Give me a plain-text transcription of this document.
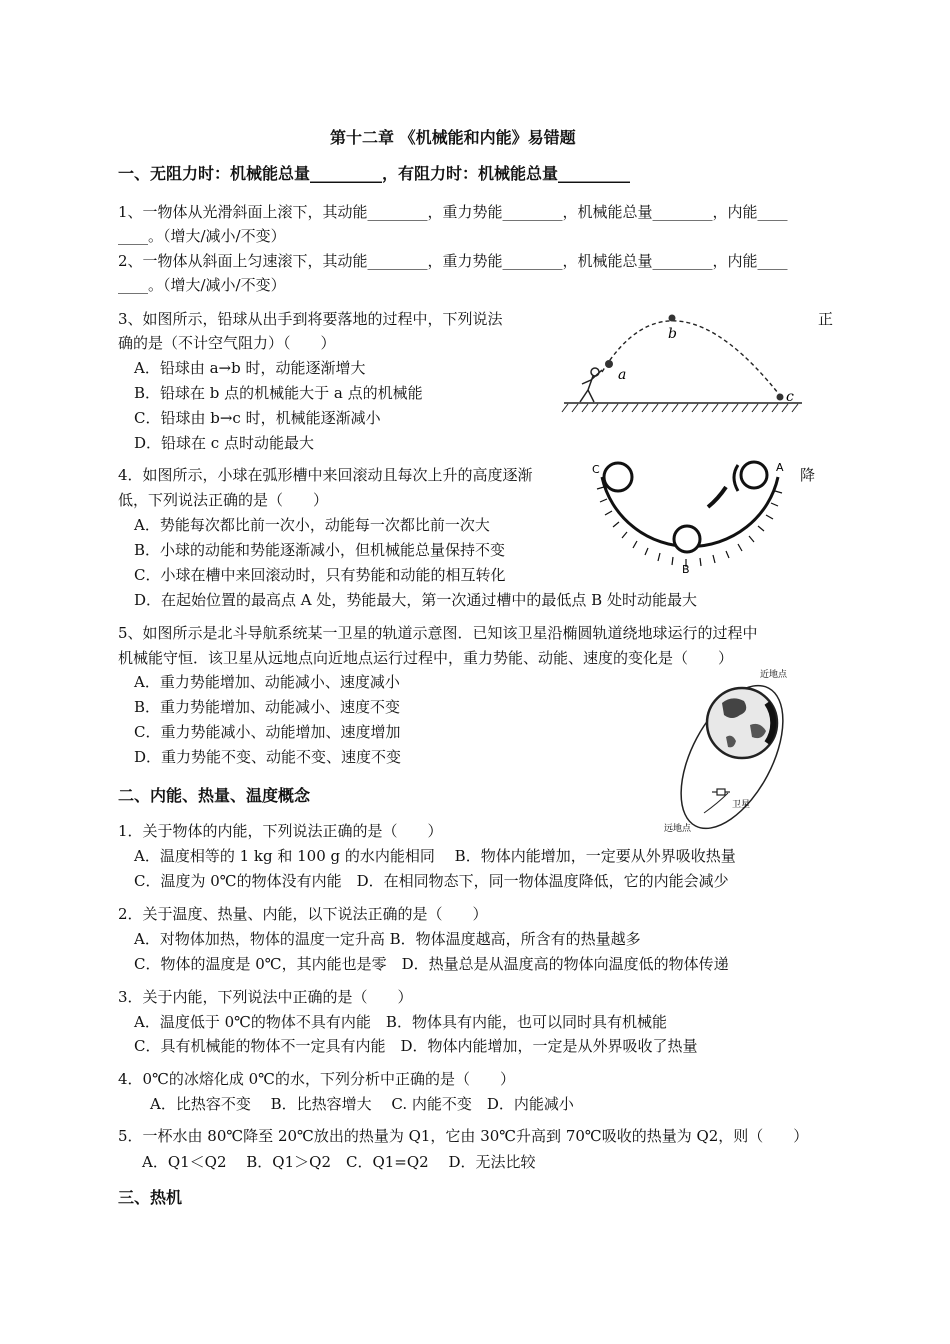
第十二章 《机械能和内能》易错题
一、无阻力时：机械能总量_________，有阻力时：机械能总量_________
1、一物体从光滑斜面上滚下，其动能________，重力势能________，机械能总量________，内能____
____。（增大/减小/不变）
2、一物体从斜面上匀速滚下，其动能________，重力势能________，机械能总量________，内能____
____。（增大/减小/不变）
3、如图所示，铅球从出手到将要落地的过程中，下列说法	正
确的是（不计空气阻力）（　　）
A．铅球由 a→b 时，动能逐渐增大
B．铅球在 b 点的机械能大于 a 点的机械能
C．铅球由 b→c 时，机械能逐渐减小
D．铅球在 c 点时动能最大
a
b
c
4．如图所示，小球在弧形槽中来回滚动且每次上升的高度逐渐	降
低，下列说法正确的是（　　）
A．势能每次都比前一次小，动能每一次都比前一次大
B．小球的动能和势能逐渐减小，但机械能总量保持不变
C．小球在槽中来回滚动时，只有势能和动能的相互转化
D．在起始位置的最高点 A 处，势能最大，第一次通过槽中的最低点 B 处时动能最大
C	A
B
5、如图所示是北斗导航系统某一卫星的轨道示意图．已知该卫星沿椭圆轨道绕地球运行的过程中
机械能守恒．该卫星从远地点向近地点运行过程中，重力势能、动能、速度的变化是（　　）
A．重力势能增加、动能减小、速度减小
B．重力势能增加、动能减小、速度不变
C．重力势能减小、动能增加、速度增加
D．重力势能不变、动能不变、速度不变
近地点
卫星
远地点
二、内能、热量、温度概念
1．关于物体的内能，下列说法正确的是（　　）
A．温度相等的 1 kg 和 100 g 的水内能相同　 B．物体内能增加，一定要从外界吸收热量
C．温度为 0℃的物体没有内能　D．在相同物态下，同一物体温度降低，它的内能会减少
2．关于温度、热量、内能，以下说法正确的是（　　）
A．对物体加热，物体的温度一定升高 B．物体温度越高，所含有的热量越多
C．物体的温度是 0℃，其内能也是零　D．热量总是从温度高的物体向温度低的物体传递
3．关于内能，下列说法中正确的是（　　）
A．温度低于 0℃的物体不具有内能　B．物体具有内能，也可以同时具有机械能
C．具有机械能的物体不一定具有内能　D．物体内能增加，一定是从外界吸收了热量
4．0℃的冰熔化成 0℃的水，下列分析中正确的是（　　）
A．比热容不变　 B．比热容增大　 C. 内能不变　D．内能减小
5．一杯水由 80℃降至 20℃放出的热量为 Q1，它由 30℃升高到 70℃吸收的热量为 Q2，则（　　）
A．Q1＜Q2　 B．Q1＞Q2　C．Q1=Q2　 D．无法比较
三、热机
